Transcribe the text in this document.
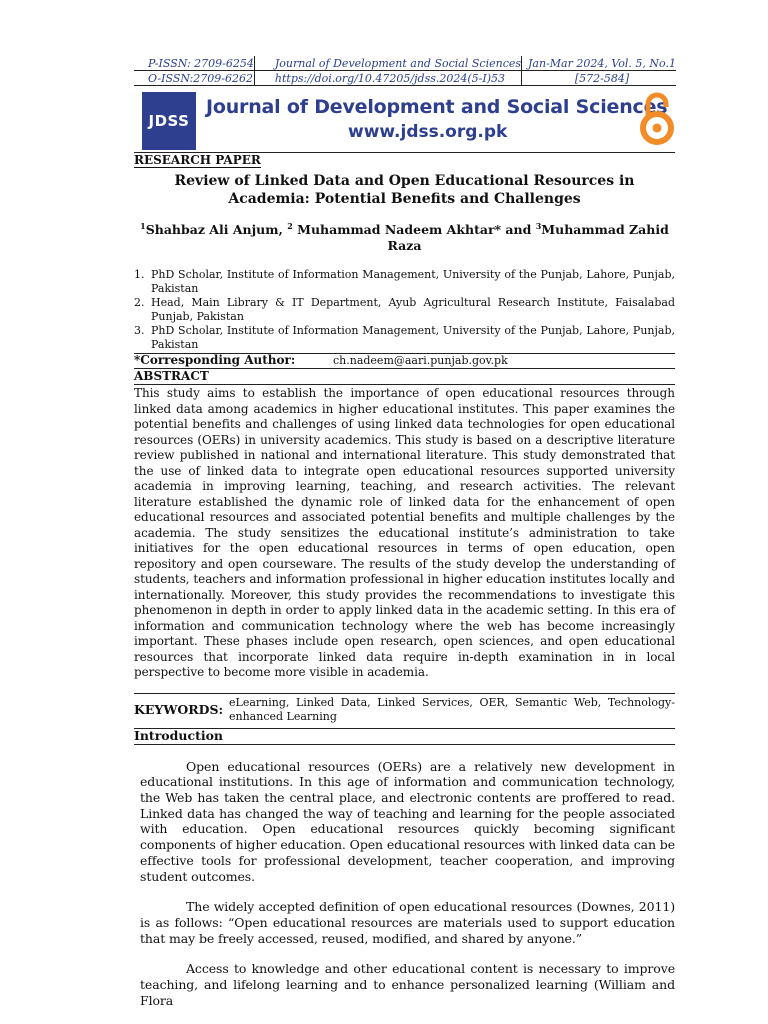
P-ISSN: 2709-6254	Journal of Development and Social Sciences	Jan-Mar 2024, Vol. 5, No.1
O-ISSN:2709-6262	https://doi.org/10.47205/jdss.2024(5-I)53	[572-584]
JDSS
Journal of Development and Social Sciences
www.jdss.org.pk
RESEARCH PAPER
Review of Linked Data and Open Educational Resources in
Academia: Potential Benefits and Challenges
$^1$Shahbaz Ali Anjum, $^2$ Muhammad Nadeem Akhtar* and $^3$Muhammad Zahid Raza
1. PhD Scholar, Institute of Information Management, University of the Punjab, Lahore, Punjab, Pakistan
2. Head, Main Library & IT Department, Ayub Agricultural Research Institute, Faisalabad Punjab, Pakistan
3. PhD Scholar, Institute of Information Management, University of the Punjab, Lahore, Punjab, Pakistan
*Corresponding Author:	ch.nadeem@aari.punjab.gov.pk
ABSTRACT
This study aims to establish the importance of open educational resources through linked data among academics in higher educational institutes. This paper examines the potential benefits and challenges of using linked data technologies for open educational resources (OERs) in university academics. This study is based on a descriptive literature review published in national and international literature. This study demonstrated that the use of linked data to integrate open educational resources supported university academia in improving learning, teaching, and research activities. The relevant literature established the dynamic role of linked data for the enhancement of open educational resources and associated potential benefits and multiple challenges by the academia. The study sensitizes the educational institute’s administration to take initiatives for the open educational resources in terms of open education, open repository and open courseware. The results of the study develop the understanding of students, teachers and information professional in higher education institutes locally and internationally. Moreover, this study provides the recommendations to investigate this phenomenon in depth in order to apply linked data in the academic setting. In this era of information and communication technology where the web has become increasingly important. These phases include open research, open sciences, and open educational resources that incorporate linked data require in-depth examination in in local perspective to become more visible in academia.
KEYWORDS: eLearning, Linked Data, Linked Services, OER, Semantic Web, Technology-enhanced Learning
Introduction

Open educational resources (OERs) are a relatively new development in educational institutions. In this age of information and communication technology, the Web has taken the central place, and electronic contents are proffered to read. Linked data has changed the way of teaching and learning for the people associated with education. Open educational resources quickly becoming significant components of higher education. Open educational resources with linked data can be effective tools for professional development, teacher cooperation, and improving student outcomes.

The widely accepted definition of open educational resources (Downes, 2011) is as follows: “Open educational resources are materials used to support education that may be freely accessed, reused, modified, and shared by anyone.”

Access to knowledge and other educational content is necessary to improve teaching, and lifelong learning and to enhance personalized learning (William and Flora
